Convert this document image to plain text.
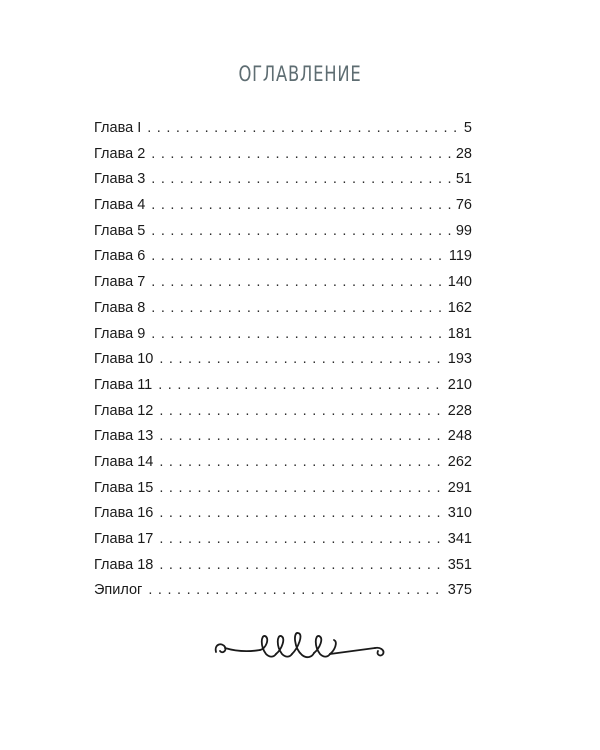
ОГЛАВЛЕНИЕ
Глава I . . .	5
Глава 2 . . .	28
Глава 3 . . .	51
Глава 4 . . .	76
Глава 5 . . .	99
Глава 6 . . .	119
Глава 7 . . .	140
Глава 8 . . .	162
Глава 9 . . .	181
Глава 10 . . .	193
Глава 11 . . .	210
Глава 12 . . .	228
Глава 13 . . .	248
Глава 14 . . .	262
Глава 15 . . .	291
Глава 16 . . .	310
Глава 17 . . .	341
Глава 18 . . .	351
Эпилог . . .	375
